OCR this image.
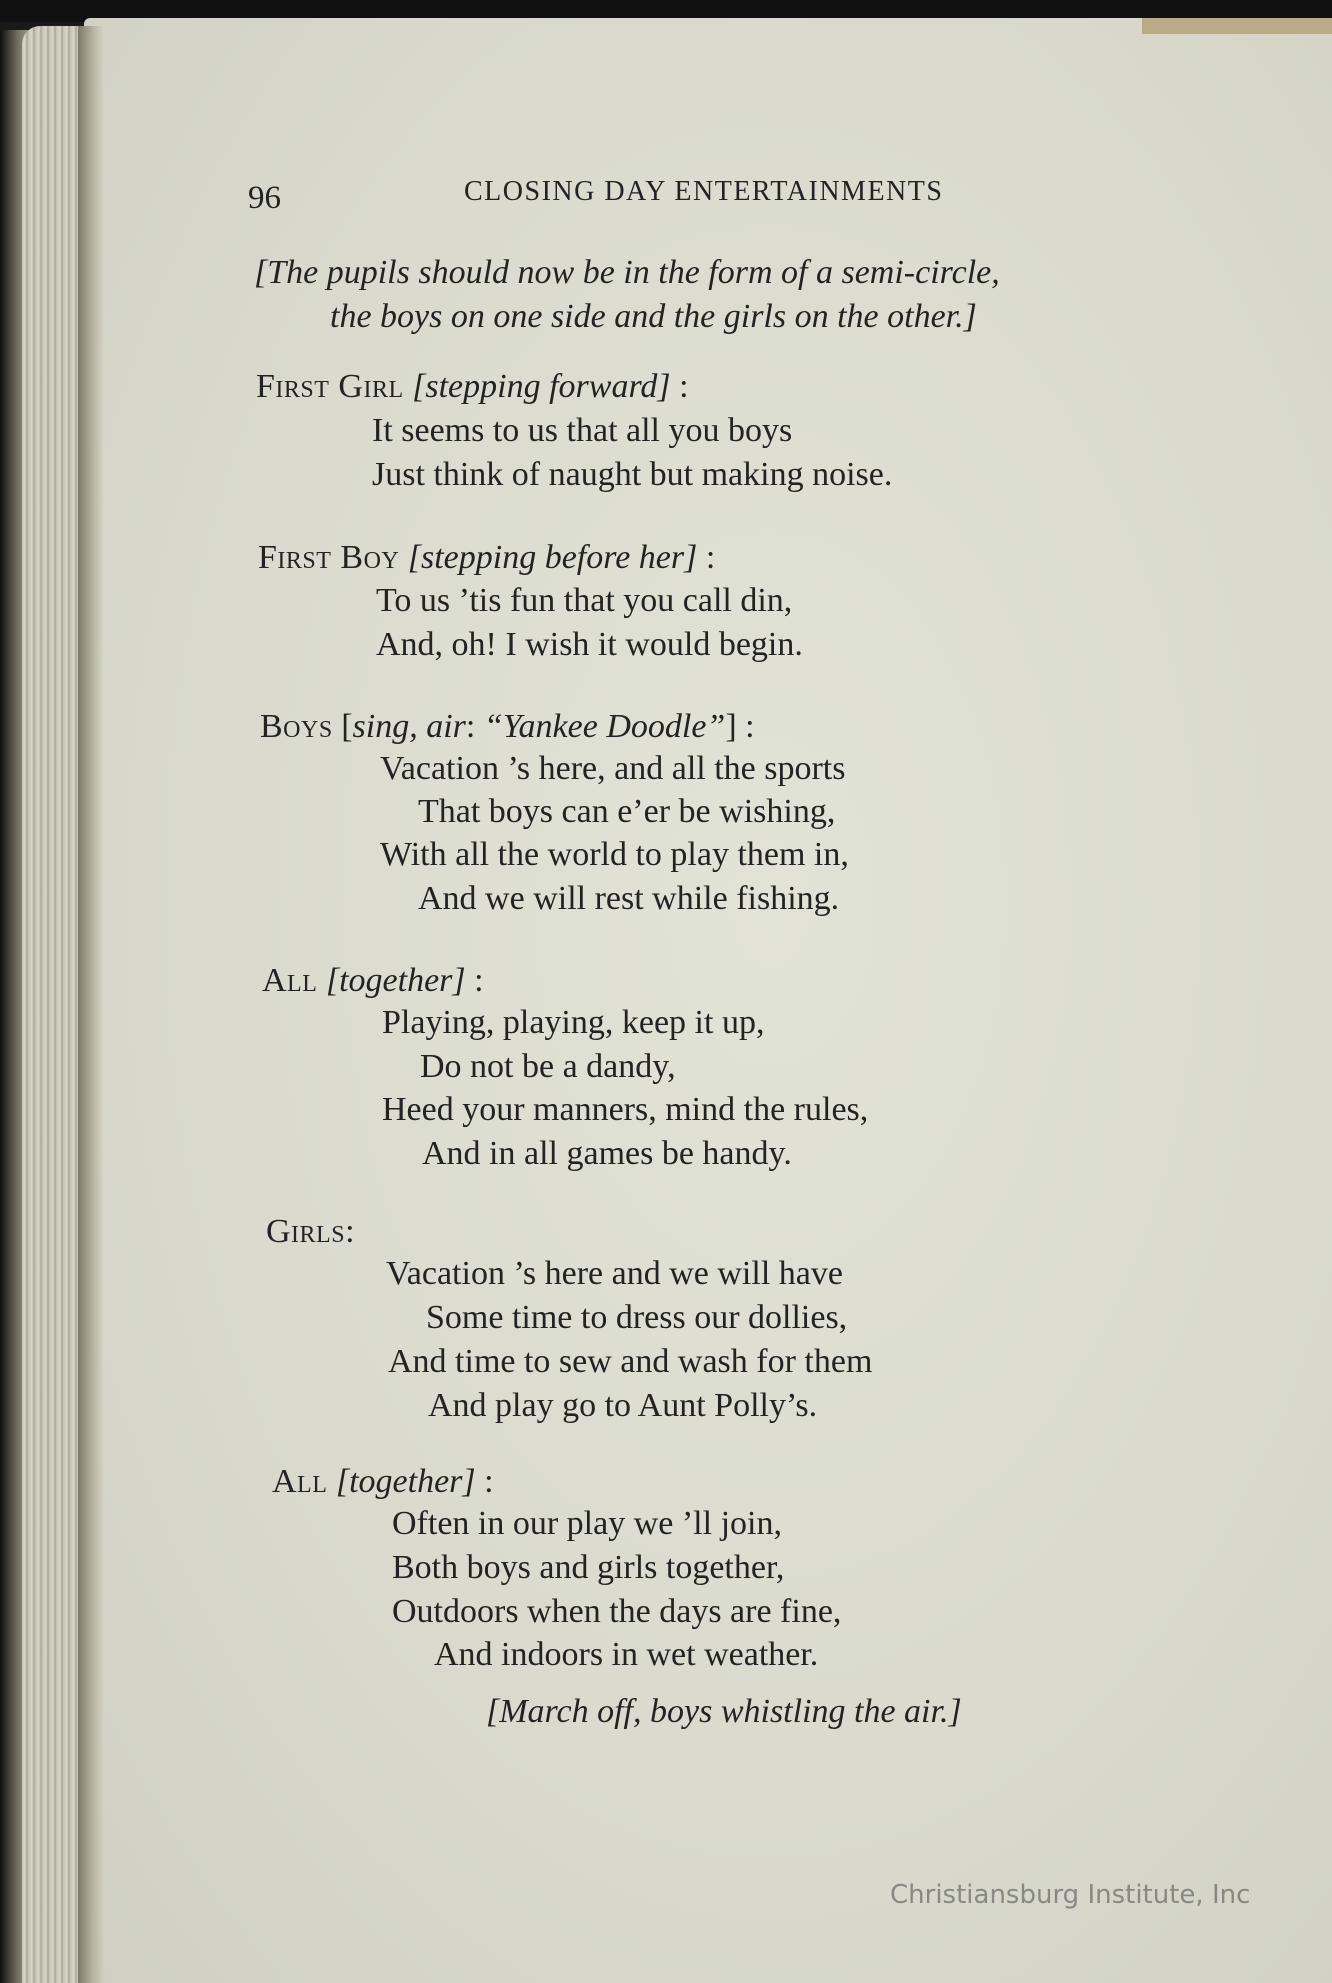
96	CLOSING DAY ENTERTAINMENTS
[The pupils should now be in the form of a semi-circle,
the boys on one side and the girls on the other.]
First Girl [stepping forward] :
It seems to us that all you boys
Just think of naught but making noise.
First Boy [stepping before her] :
To us ’tis fun that you call din,
And, oh! I wish it would begin.
Boys [sing, air: “Yankee Doodle”] :
Vacation ’s here, and all the sports
That boys can e’er be wishing,
With all the world to play them in,
And we will rest while fishing.
All [together] :
Playing, playing, keep it up,
Do not be a dandy,
Heed your manners, mind the rules,
And in all games be handy.
Girls:
Vacation ’s here and we will have
Some time to dress our dollies,
And time to sew and wash for them
And play go to Aunt Polly’s.
All [together] :
Often in our play we ’ll join,
Both boys and girls together,
Outdoors when the days are fine,
And indoors in wet weather.
[March off, boys whistling the air.]
Christiansburg Institute, Inc
